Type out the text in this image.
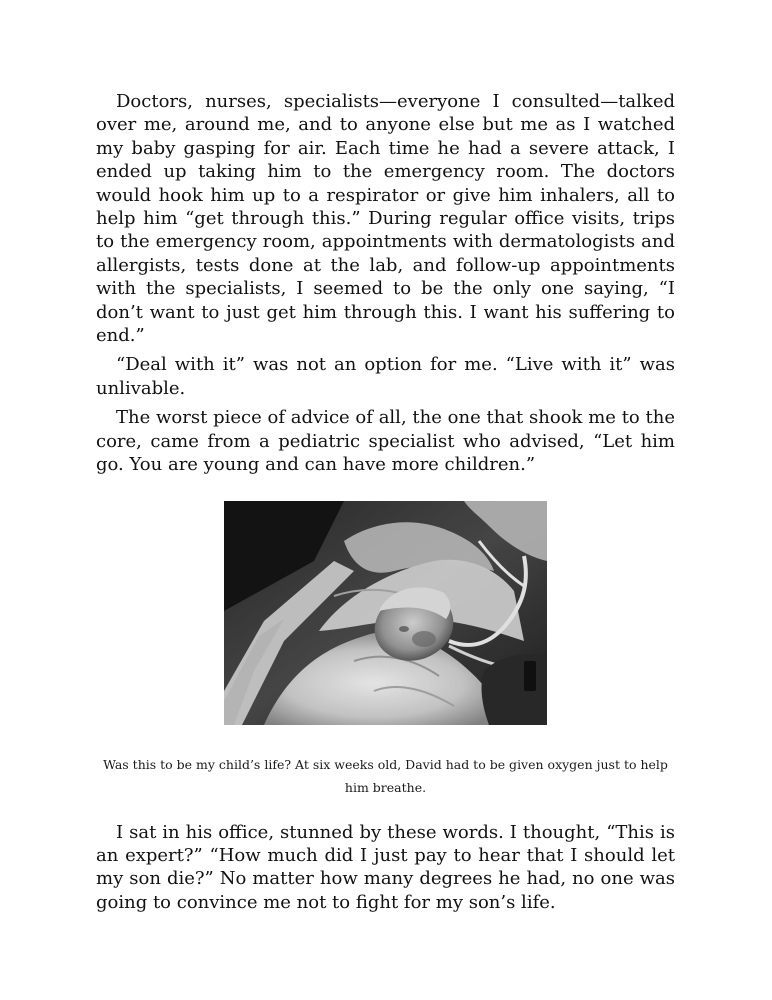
Doctors, nurses, specialists—everyone I consulted—talked over me, around me, and to anyone else but me as I watched my baby gasping for air. Each time he had a severe attack, I ended up taking him to the emergency room. The doctors would hook him up to a respirator or give him inhalers, all to help him “get through this.” During regular office visits, trips to the emergency room, appointments with dermatologists and allergists, tests done at the lab, and follow-up appointments with the specialists, I seemed to be the only one saying, “I don’t want to just get him through this. I want his suffering to end.”

“Deal with it” was not an option for me. “Live with it” was unlivable.

The worst piece of advice of all, the one that shook me to the core, came from a pediatric specialist who advised, “Let him go. You are young and can have more children.”

Was this to be my child’s life? At six weeks old, David had to be given oxygen just to help him breathe.

I sat in his office, stunned by these words. I thought, “This is an expert?” “How much did I just pay to hear that I should let my son die?” No matter how many degrees he had, no one was going to convince me not to fight for my son’s life.
